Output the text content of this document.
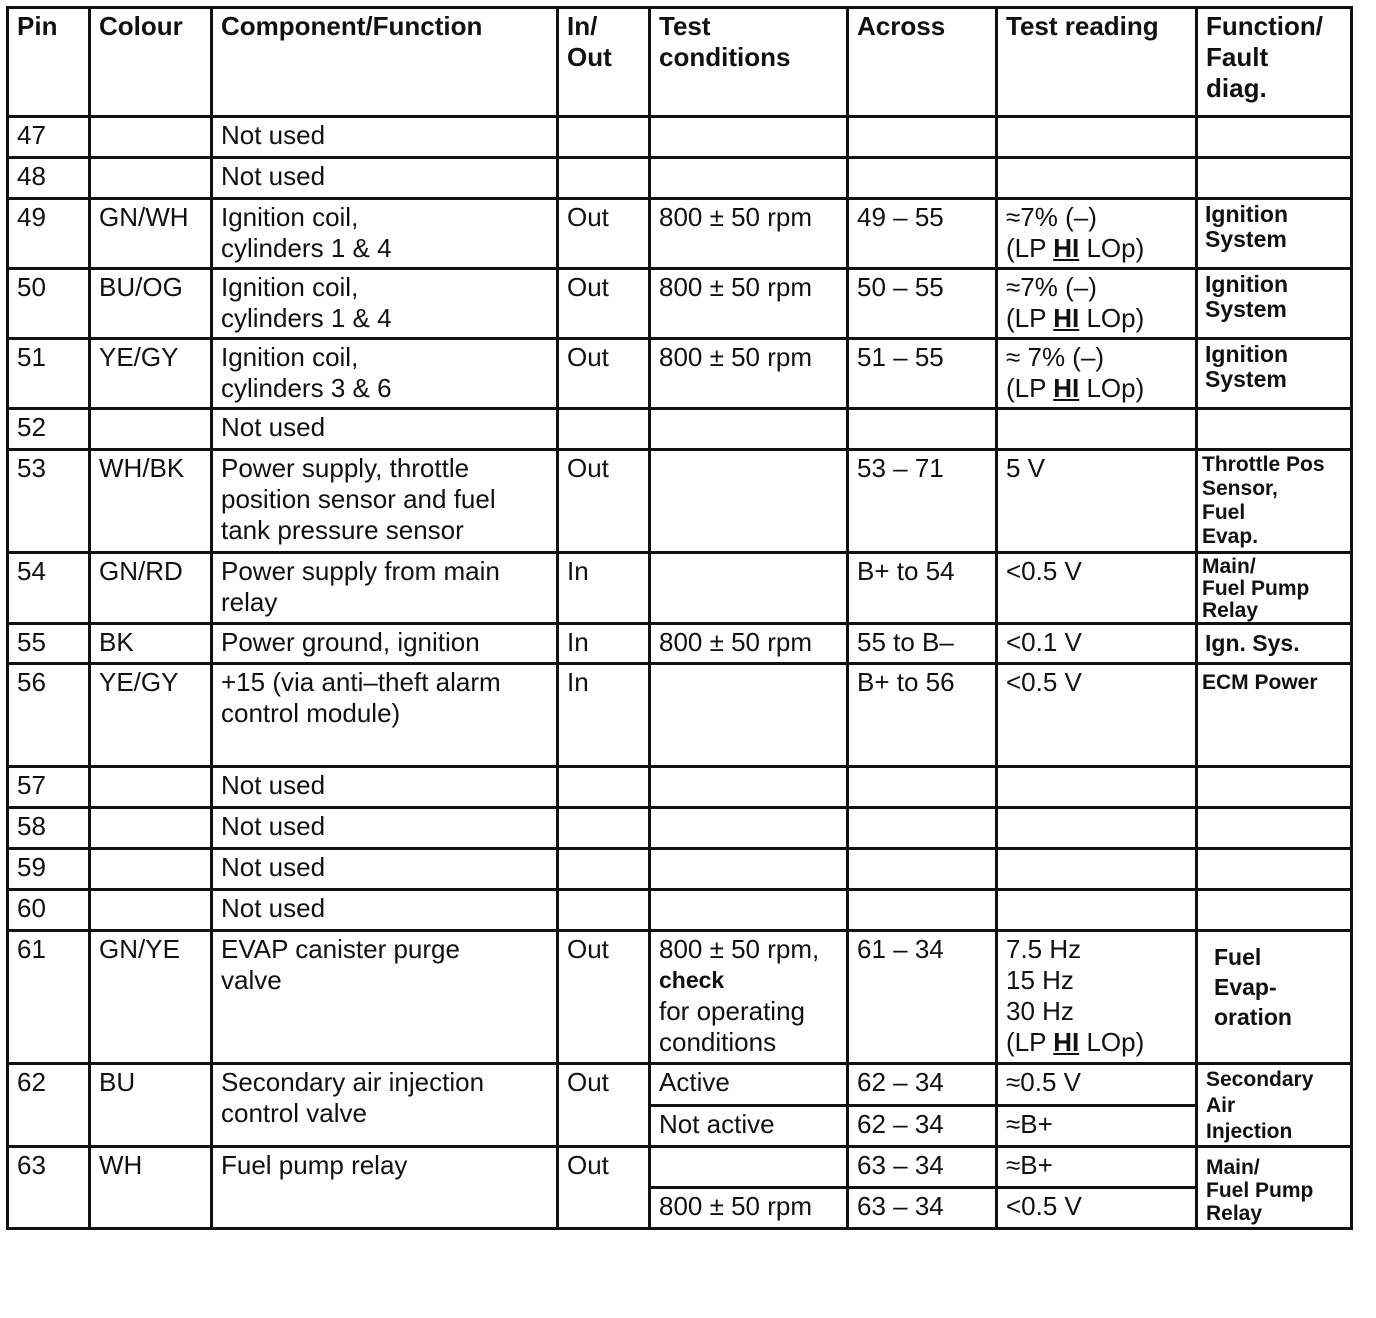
Pin	Colour	Component/Function	In/ Out	Test conditions	Across	Test reading	Function/ Fault diag.
47		Not used					
48		Not used					
49	GN/WH	Ignition coil,
cylinders 1 & 4	Out	800 ± 50 rpm	49 – 55	≈7% (–)
(LP HI LOp)	Ignition
System

50	BU/OG	Ignition coil,
cylinders 1 & 4	Out	800 ± 50 rpm	50 – 55	≈7% (–)
(LP HI LOp)	Ignition
System

51	YE/GY	Ignition coil,
cylinders 3 & 6	Out	800 ± 50 rpm	51 – 55	≈ 7% (–)
(LP HI LOp)	Ignition
System

52		Not used					
53	WH/BK	Power supply, throttle
position sensor and fuel
tank pressure sensor	Out		53 – 71	5 V	Throttle Pos
Sensor,
Fuel
Evap.

54	GN/RD	Power supply from main
relay	In		B+ to 54	<0.5 V	Main/
Fuel Pump
Relay

55	BK	Power ground, ignition	In	800 ± 50 rpm	55 to B–	<0.1 V	Ign. Sys.
56	YE/GY	+15 (via anti–theft alarm
control module)	In		B+ to 56	<0.5 V	ECM Power
57		Not used					
58		Not used					
59		Not used					
60		Not used					
61	GN/YE	EVAP canister purge
valve	Out	800 ± 50 rpm,
check
for operating
conditions	61 – 34	7.5 Hz
15 Hz
30 Hz
(LP HI LOp)	Fuel
Evap-
oration

62	BU	Secondary air injection
control valve	Out	Active	62 – 34	≈0.5 V	Secondary
Air
Injection

				Not active	62 – 34	≈B+	
63	WH	Fuel pump relay	Out		63 – 34	≈B+	Main/
Fuel Pump
Relay

				800 ± 50 rpm	63 – 34	<0.5 V	
